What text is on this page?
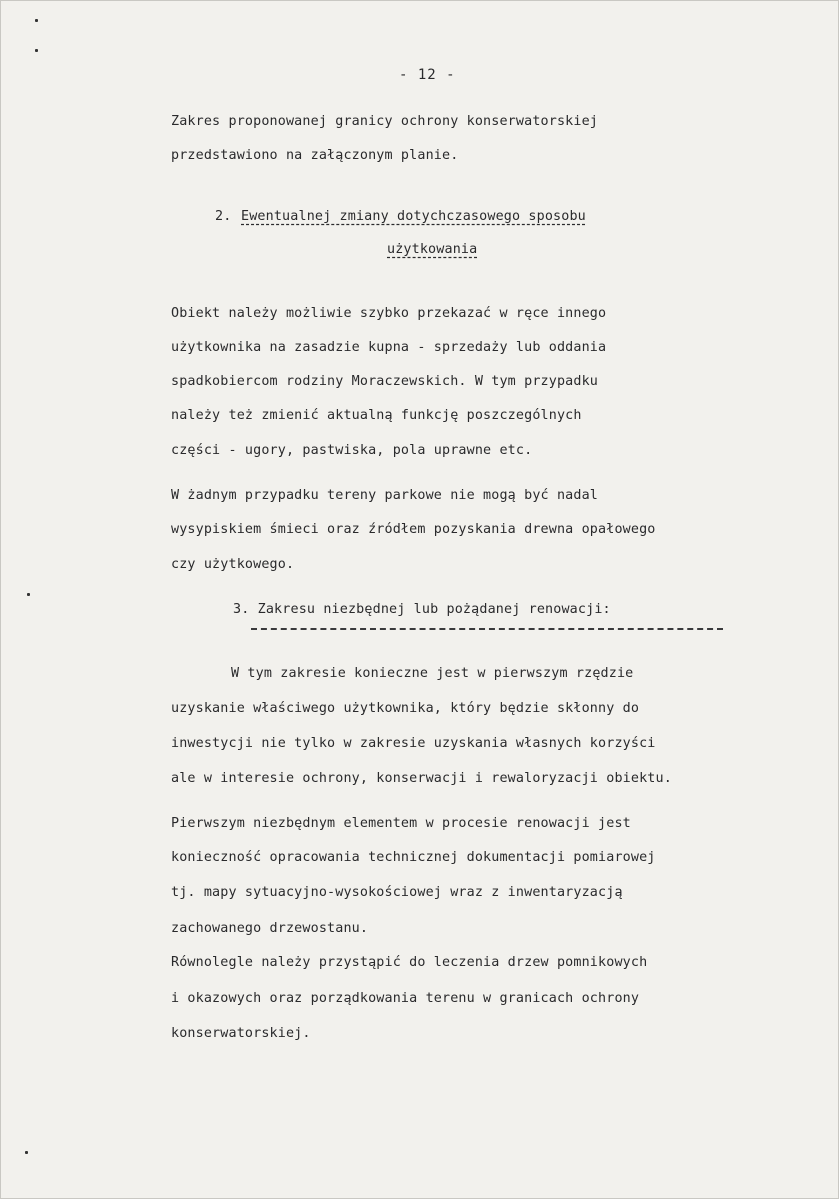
- 12 -
Zakres proponowanej granicy ochrony konserwatorskiej
przedstawiono na załączonym planie.
2. Ewentualnej zmiany dotychczasowego sposobu
użytkowania
Obiekt należy możliwie szybko przekazać w ręce innego
użytkownika na zasadzie kupna - sprzedaży lub oddania
spadkobiercom rodziny Moraczewskich. W tym przypadku
należy też zmienić aktualną funkcję poszczególnych
części - ugory, pastwiska, pola uprawne etc.
W żadnym przypadku tereny parkowe nie mogą być nadal
wysypiskiem śmieci oraz źródłem pozyskania drewna opałowego
czy użytkowego.
3. Zakresu niezbędnej lub pożądanej renowacji:
W tym zakresie konieczne jest w pierwszym rzędzie
uzyskanie właściwego użytkownika, który będzie skłonny do
inwestycji nie tylko w zakresie uzyskania własnych korzyści
ale w interesie ochrony, konserwacji i rewaloryzacji obiektu.
Pierwszym niezbędnym elementem w procesie renowacji jest
konieczność opracowania technicznej dokumentacji pomiarowej
tj. mapy sytuacyjno-wysokościowej wraz z inwentaryzacją
zachowanego drzewostanu.
Równolegle należy przystąpić do leczenia drzew pomnikowych
i okazowych oraz porządkowania terenu w granicach ochrony
konserwatorskiej.
